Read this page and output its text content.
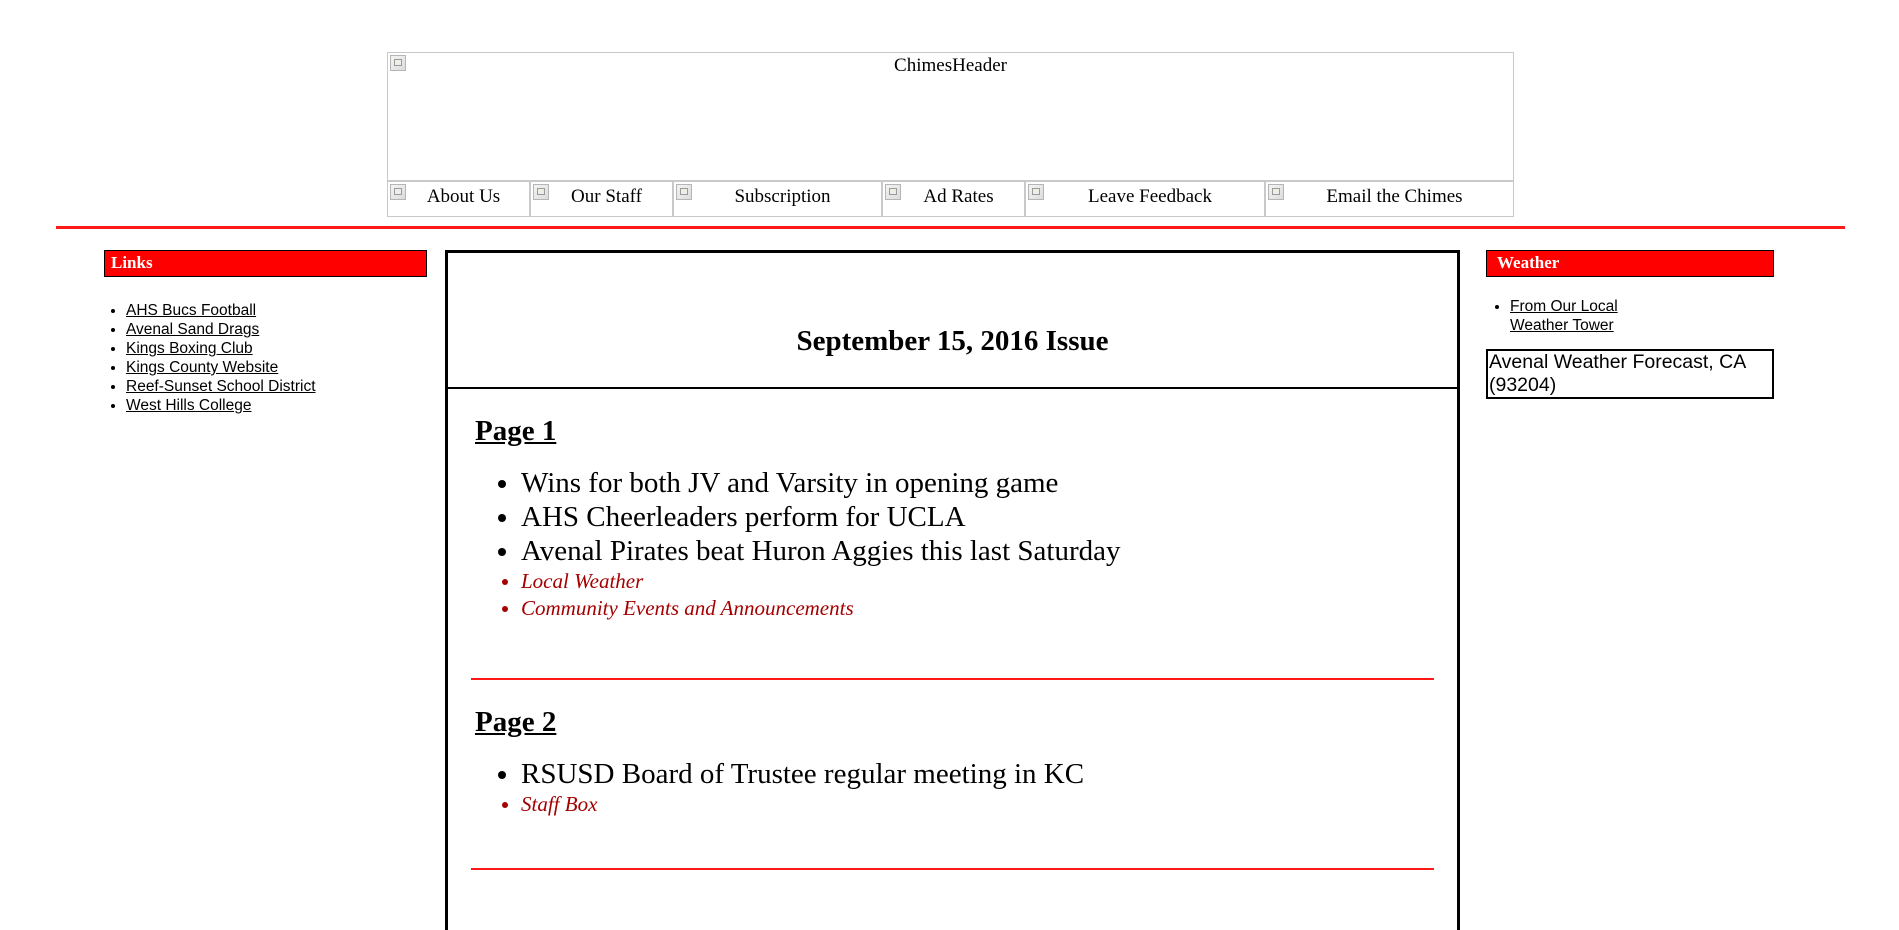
ChimesHeader
About Us	Our Staff	Subscription	Ad Rates	Leave Feedback	Email the Chimes
Links
• AHS Bucs Football
• Avenal Sand Drags
• Kings Boxing Club
• Kings County Website
• Reef-Sunset School District
• West Hills College
September 15, 2016 Issue
Page 1
• Wins for both JV and Varsity in opening game
• AHS Cheerleaders perform for UCLA
• Avenal Pirates beat Huron Aggies this last Saturday
• Local Weather
• Community Events and Announcements
Page 2
• RSUSD Board of Trustee regular meeting in KC
• Staff Box
Weather
• From Our Local
Weather Tower
Avenal Weather Forecast, CA (93204)
